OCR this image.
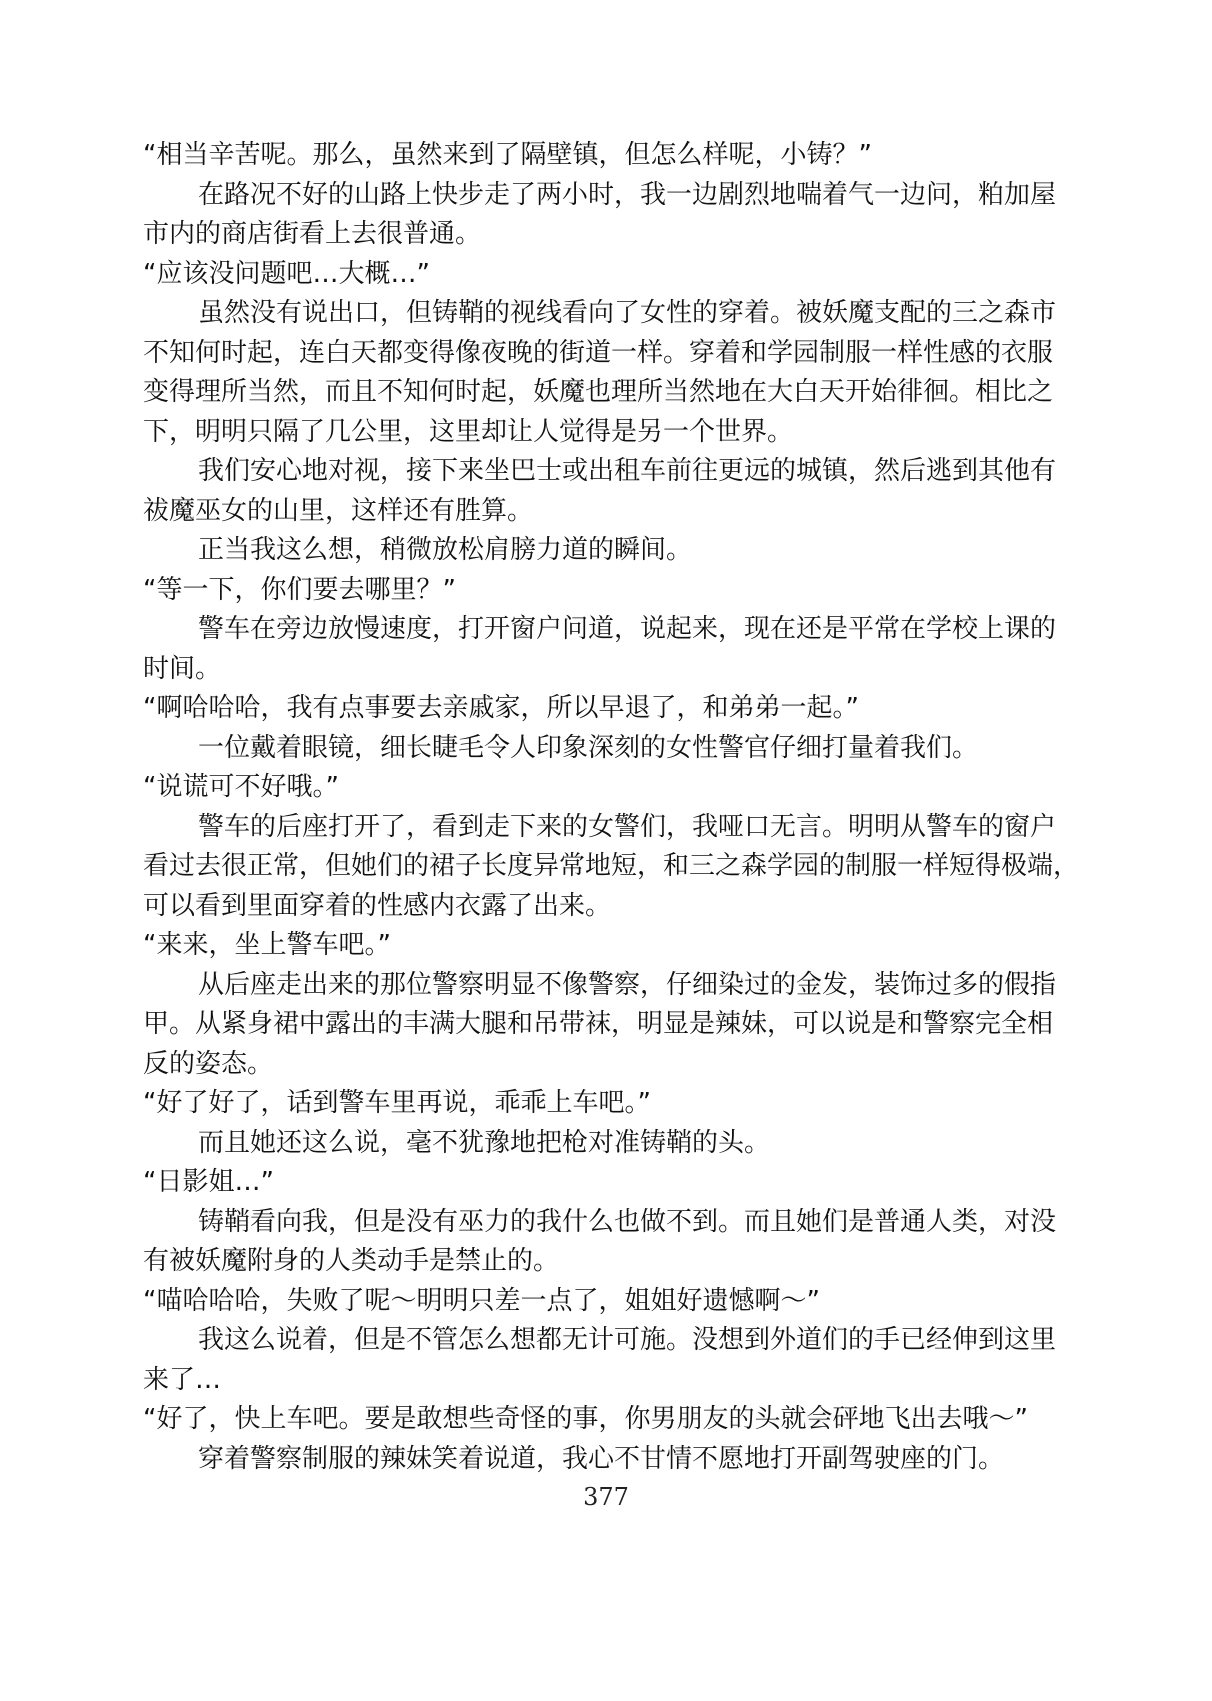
“相当辛苦呢。那么，虽然来到了隔壁镇，但怎么样呢，小铸？”
在路况不好的山路上快步走了两小时，我一边剧烈地喘着气一边问，粕加屋
市内的商店街看上去很普通。
“应该没问题吧…大概…”
虽然没有说出口，但铸鞘的视线看向了女性的穿着。被妖魔支配的三之森市
不知何时起，连白天都变得像夜晚的街道一样。穿着和学园制服一样性感的衣服
变得理所当然，而且不知何时起，妖魔也理所当然地在大白天开始徘徊。相比之
下，明明只隔了几公里，这里却让人觉得是另一个世界。
我们安心地对视，接下来坐巴士或出租车前往更远的城镇，然后逃到其他有
祓魔巫女的山里，这样还有胜算。
正当我这么想，稍微放松肩膀力道的瞬间。
“等一下，你们要去哪里？”
警车在旁边放慢速度，打开窗户问道，说起来，现在还是平常在学校上课的
时间。
“啊哈哈哈，我有点事要去亲戚家，所以早退了，和弟弟一起。”
一位戴着眼镜，细长睫毛令人印象深刻的女性警官仔细打量着我们。
“说谎可不好哦。”
警车的后座打开了，看到走下来的女警们，我哑口无言。明明从警车的窗户
看过去很正常，但她们的裙子长度异常地短，和三之森学园的制服一样短得极端，
可以看到里面穿着的性感内衣露了出来。
“来来，坐上警车吧。”
从后座走出来的那位警察明显不像警察，仔细染过的金发，装饰过多的假指
甲。从紧身裙中露出的丰满大腿和吊带袜，明显是辣妹，可以说是和警察完全相
反的姿态。
“好了好了，话到警车里再说，乖乖上车吧。”
而且她还这么说，毫不犹豫地把枪对准铸鞘的头。
“日影姐…”
铸鞘看向我，但是没有巫力的我什么也做不到。而且她们是普通人类，对没
有被妖魔附身的人类动手是禁止的。
“喵哈哈哈，失败了呢～明明只差一点了，姐姐好遗憾啊～”
我这么说着，但是不管怎么想都无计可施。没想到外道们的手已经伸到这里
来了…
“好了，快上车吧。要是敢想些奇怪的事，你男朋友的头就会砰地飞出去哦～”
穿着警察制服的辣妹笑着说道，我心不甘情不愿地打开副驾驶座的门。
377
